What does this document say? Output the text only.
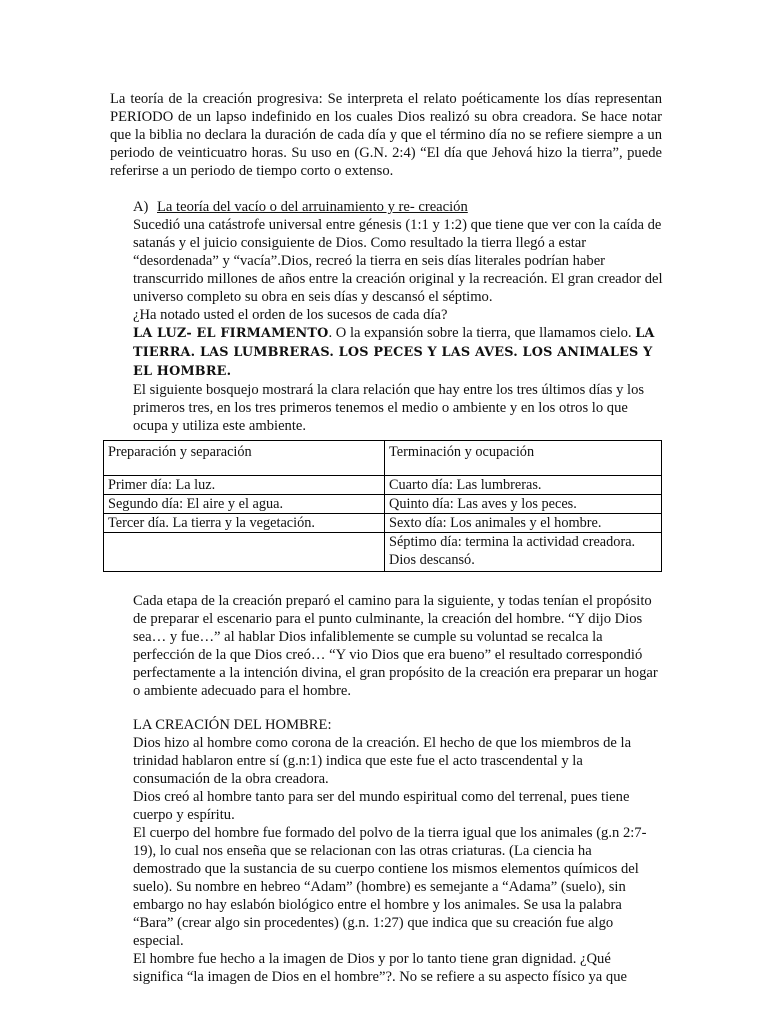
La teoría de la creación progresiva: Se interpreta el relato poéticamente los días representan PERIODO de un lapso indefinido en los cuales Dios realizó su obra creadora. Se hace notar que la biblia no declara la duración de cada día y que el término día no se refiere siempre a un periodo de veinticuatro horas. Su uso en (G.N. 2:4) “El día que Jehová hizo la tierra”, puede referirse a un periodo de tiempo corto o extenso.

A) La teoría del vacío o del arruinamiento y re- creación
Sucedió una catástrofe universal entre génesis (1:1 y 1:2) que tiene que ver con la caída de satanás y el juicio consiguiente de Dios. Como resultado la tierra llegó a estar “desordenada” y “vacía”.Dios, recreó la tierra en seis días literales podrían haber transcurrido millones de años entre la creación original y la recreación. El gran creador del universo completo su obra en seis días y descansó el séptimo.
¿Ha notado usted el orden de los sucesos de cada día?
LA LUZ- EL FIRMAMENTO. O la expansión sobre la tierra, que llamamos cielo. LA TIERRA. LAS LUMBRERAS. LOS PECES Y LAS AVES. LOS ANIMALES Y EL HOMBRE.
El siguiente bosquejo mostrará la clara relación que hay entre los tres últimos días y los primeros tres, en los tres primeros tenemos el medio o ambiente y en los otros lo que ocupa y utiliza este ambiente.
Preparación y separación	Terminación y ocupación
Primer día: La luz.	Cuarto día: Las lumbreras.
Segundo día: El aire y el agua.	Quinto día: Las aves y los peces.
Tercer día. La tierra y la vegetación.	Sexto día: Los animales y el hombre.
	Séptimo día: termina la actividad creadora. Dios descansó.

Cada etapa de la creación preparó el camino para la siguiente, y todas tenían el propósito de preparar el escenario para el punto culminante, la creación del hombre. “Y dijo Dios sea… y fue…” al hablar Dios infaliblemente se cumple su voluntad se recalca la perfección de la que Dios creó… “Y vio Dios que era bueno” el resultado correspondió perfectamente a la intención divina, el gran propósito de la creación era preparar un hogar o ambiente adecuado para el hombre.

LA CREACIÓN DEL HOMBRE:
Dios hizo al hombre como corona de la creación. El hecho de que los miembros de la trinidad hablaron entre sí (g.n:1) indica que este fue el acto trascendental y la consumación de la obra creadora.
Dios creó al hombre tanto para ser del mundo espiritual como del terrenal, pues tiene cuerpo y espíritu.
El cuerpo del hombre fue formado del polvo de la tierra igual que los animales (g.n 2:7- 19), lo cual nos enseña que se relacionan con las otras criaturas. (La ciencia ha demostrado que la sustancia de su cuerpo contiene los mismos elementos químicos del suelo). Su nombre en hebreo “Adam” (hombre) es semejante a “Adama” (suelo), sin embargo no hay eslabón biológico entre el hombre y los animales. Se usa la palabra “Bara” (crear algo sin procedentes) (g.n. 1:27) que indica que su creación fue algo especial.
El hombre fue hecho a la imagen de Dios y por lo tanto tiene gran dignidad. ¿Qué significa “la imagen de Dios en el hombre”?. No se refiere a su aspecto físico ya que
